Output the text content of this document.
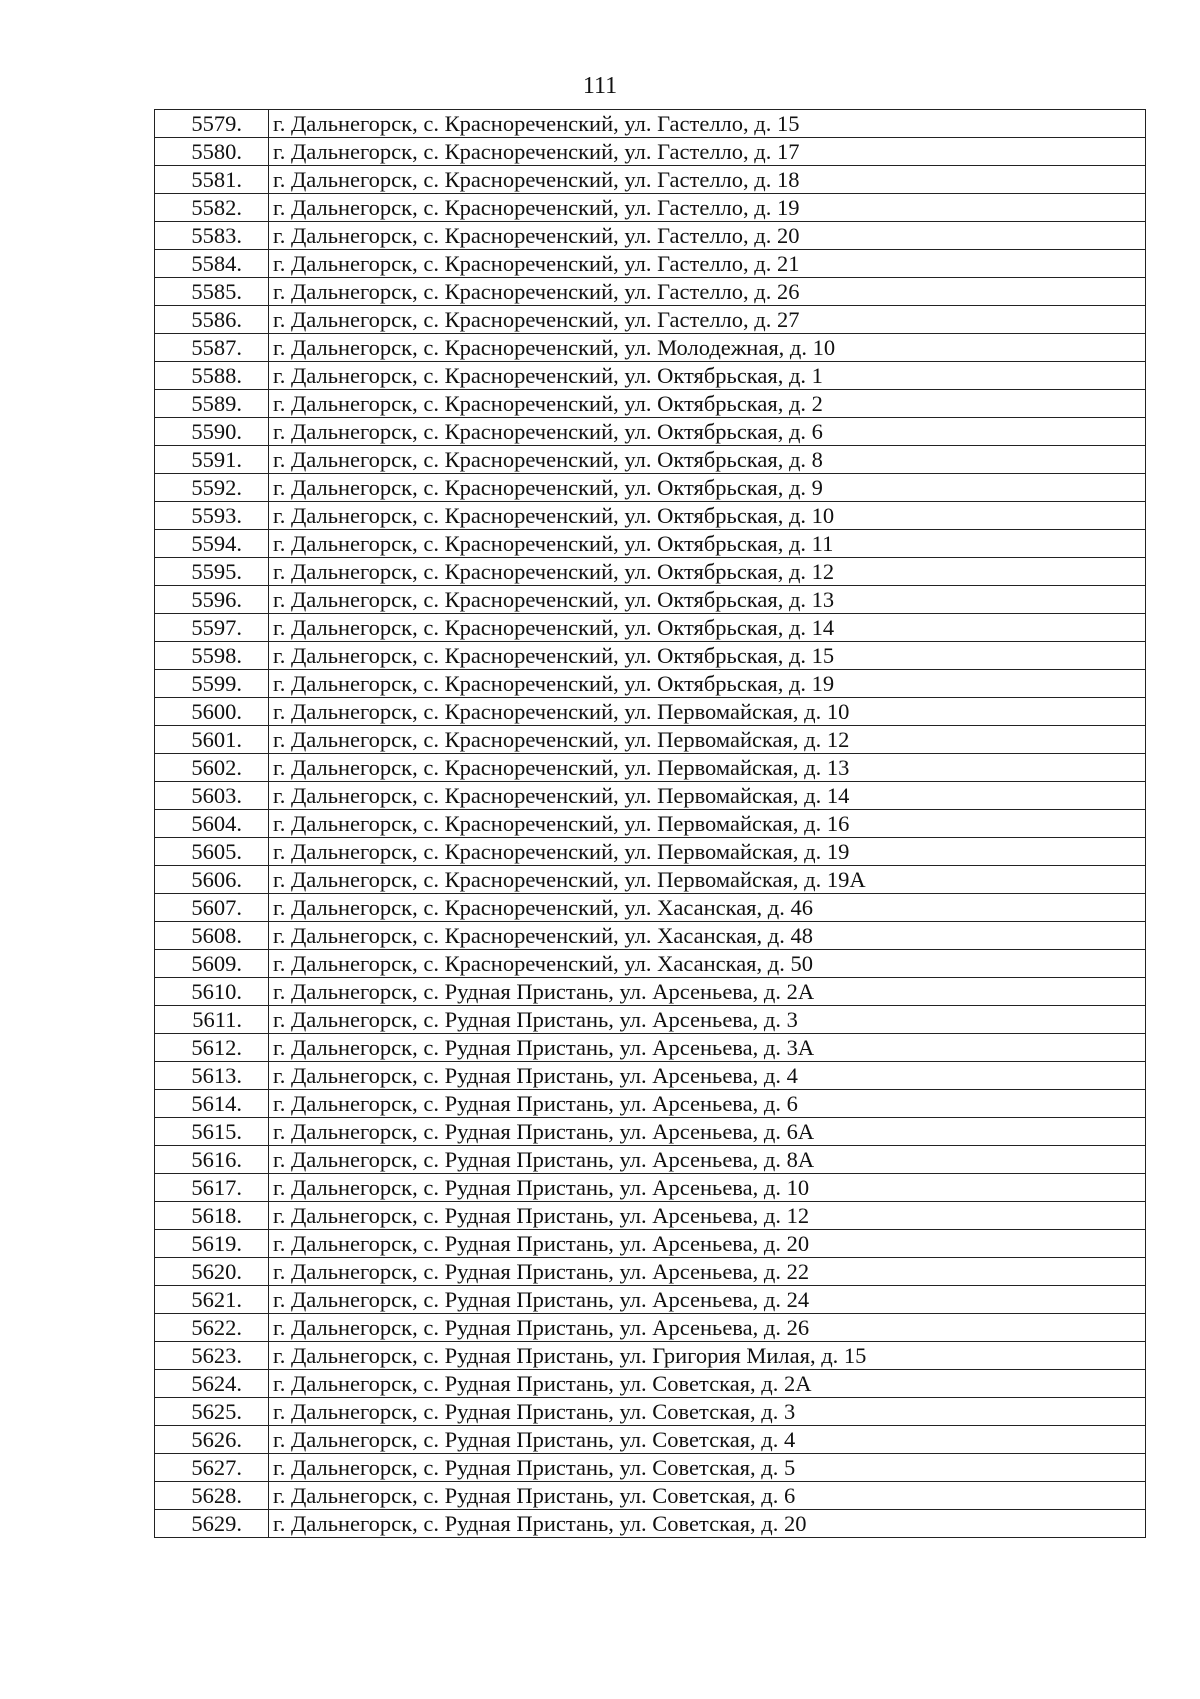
111
5579.	г. Дальнегорск, с. Краснореченский, ул. Гастелло, д. 15
5580.	г. Дальнегорск, с. Краснореченский, ул. Гастелло, д. 17
5581.	г. Дальнегорск, с. Краснореченский, ул. Гастелло, д. 18
5582.	г. Дальнегорск, с. Краснореченский, ул. Гастелло, д. 19
5583.	г. Дальнегорск, с. Краснореченский, ул. Гастелло, д. 20
5584.	г. Дальнегорск, с. Краснореченский, ул. Гастелло, д. 21
5585.	г. Дальнегорск, с. Краснореченский, ул. Гастелло, д. 26
5586.	г. Дальнегорск, с. Краснореченский, ул. Гастелло, д. 27
5587.	г. Дальнегорск, с. Краснореченский, ул. Молодежная, д. 10
5588.	г. Дальнегорск, с. Краснореченский, ул. Октябрьская, д. 1
5589.	г. Дальнегорск, с. Краснореченский, ул. Октябрьская, д. 2
5590.	г. Дальнегорск, с. Краснореченский, ул. Октябрьская, д. 6
5591.	г. Дальнегорск, с. Краснореченский, ул. Октябрьская, д. 8
5592.	г. Дальнегорск, с. Краснореченский, ул. Октябрьская, д. 9
5593.	г. Дальнегорск, с. Краснореченский, ул. Октябрьская, д. 10
5594.	г. Дальнегорск, с. Краснореченский, ул. Октябрьская, д. 11
5595.	г. Дальнегорск, с. Краснореченский, ул. Октябрьская, д. 12
5596.	г. Дальнегорск, с. Краснореченский, ул. Октябрьская, д. 13
5597.	г. Дальнегорск, с. Краснореченский, ул. Октябрьская, д. 14
5598.	г. Дальнегорск, с. Краснореченский, ул. Октябрьская, д. 15
5599.	г. Дальнегорск, с. Краснореченский, ул. Октябрьская, д. 19
5600.	г. Дальнегорск, с. Краснореченский, ул. Первомайская, д. 10
5601.	г. Дальнегорск, с. Краснореченский, ул. Первомайская, д. 12
5602.	г. Дальнегорск, с. Краснореченский, ул. Первомайская, д. 13
5603.	г. Дальнегорск, с. Краснореченский, ул. Первомайская, д. 14
5604.	г. Дальнегорск, с. Краснореченский, ул. Первомайская, д. 16
5605.	г. Дальнегорск, с. Краснореченский, ул. Первомайская, д. 19
5606.	г. Дальнегорск, с. Краснореченский, ул. Первомайская, д. 19А
5607.	г. Дальнегорск, с. Краснореченский, ул. Хасанская, д. 46
5608.	г. Дальнегорск, с. Краснореченский, ул. Хасанская, д. 48
5609.	г. Дальнегорск, с. Краснореченский, ул. Хасанская, д. 50
5610.	г. Дальнегорск, с. Рудная Пристань, ул. Арсеньева, д. 2А
5611.	г. Дальнегорск, с. Рудная Пристань, ул. Арсеньева, д. 3
5612.	г. Дальнегорск, с. Рудная Пристань, ул. Арсеньева, д. 3А
5613.	г. Дальнегорск, с. Рудная Пристань, ул. Арсеньева, д. 4
5614.	г. Дальнегорск, с. Рудная Пристань, ул. Арсеньева, д. 6
5615.	г. Дальнегорск, с. Рудная Пристань, ул. Арсеньева, д. 6А
5616.	г. Дальнегорск, с. Рудная Пристань, ул. Арсеньева, д. 8А
5617.	г. Дальнегорск, с. Рудная Пристань, ул. Арсеньева, д. 10
5618.	г. Дальнегорск, с. Рудная Пристань, ул. Арсеньева, д. 12
5619.	г. Дальнегорск, с. Рудная Пристань, ул. Арсеньева, д. 20
5620.	г. Дальнегорск, с. Рудная Пристань, ул. Арсеньева, д. 22
5621.	г. Дальнегорск, с. Рудная Пристань, ул. Арсеньева, д. 24
5622.	г. Дальнегорск, с. Рудная Пристань, ул. Арсеньева, д. 26
5623.	г. Дальнегорск, с. Рудная Пристань, ул. Григория Милая, д. 15
5624.	г. Дальнегорск, с. Рудная Пристань, ул. Советская, д. 2А
5625.	г. Дальнегорск, с. Рудная Пристань, ул. Советская, д. 3
5626.	г. Дальнегорск, с. Рудная Пристань, ул. Советская, д. 4
5627.	г. Дальнегорск, с. Рудная Пристань, ул. Советская, д. 5
5628.	г. Дальнегорск, с. Рудная Пристань, ул. Советская, д. 6
5629.	г. Дальнегорск, с. Рудная Пристань, ул. Советская, д. 20
